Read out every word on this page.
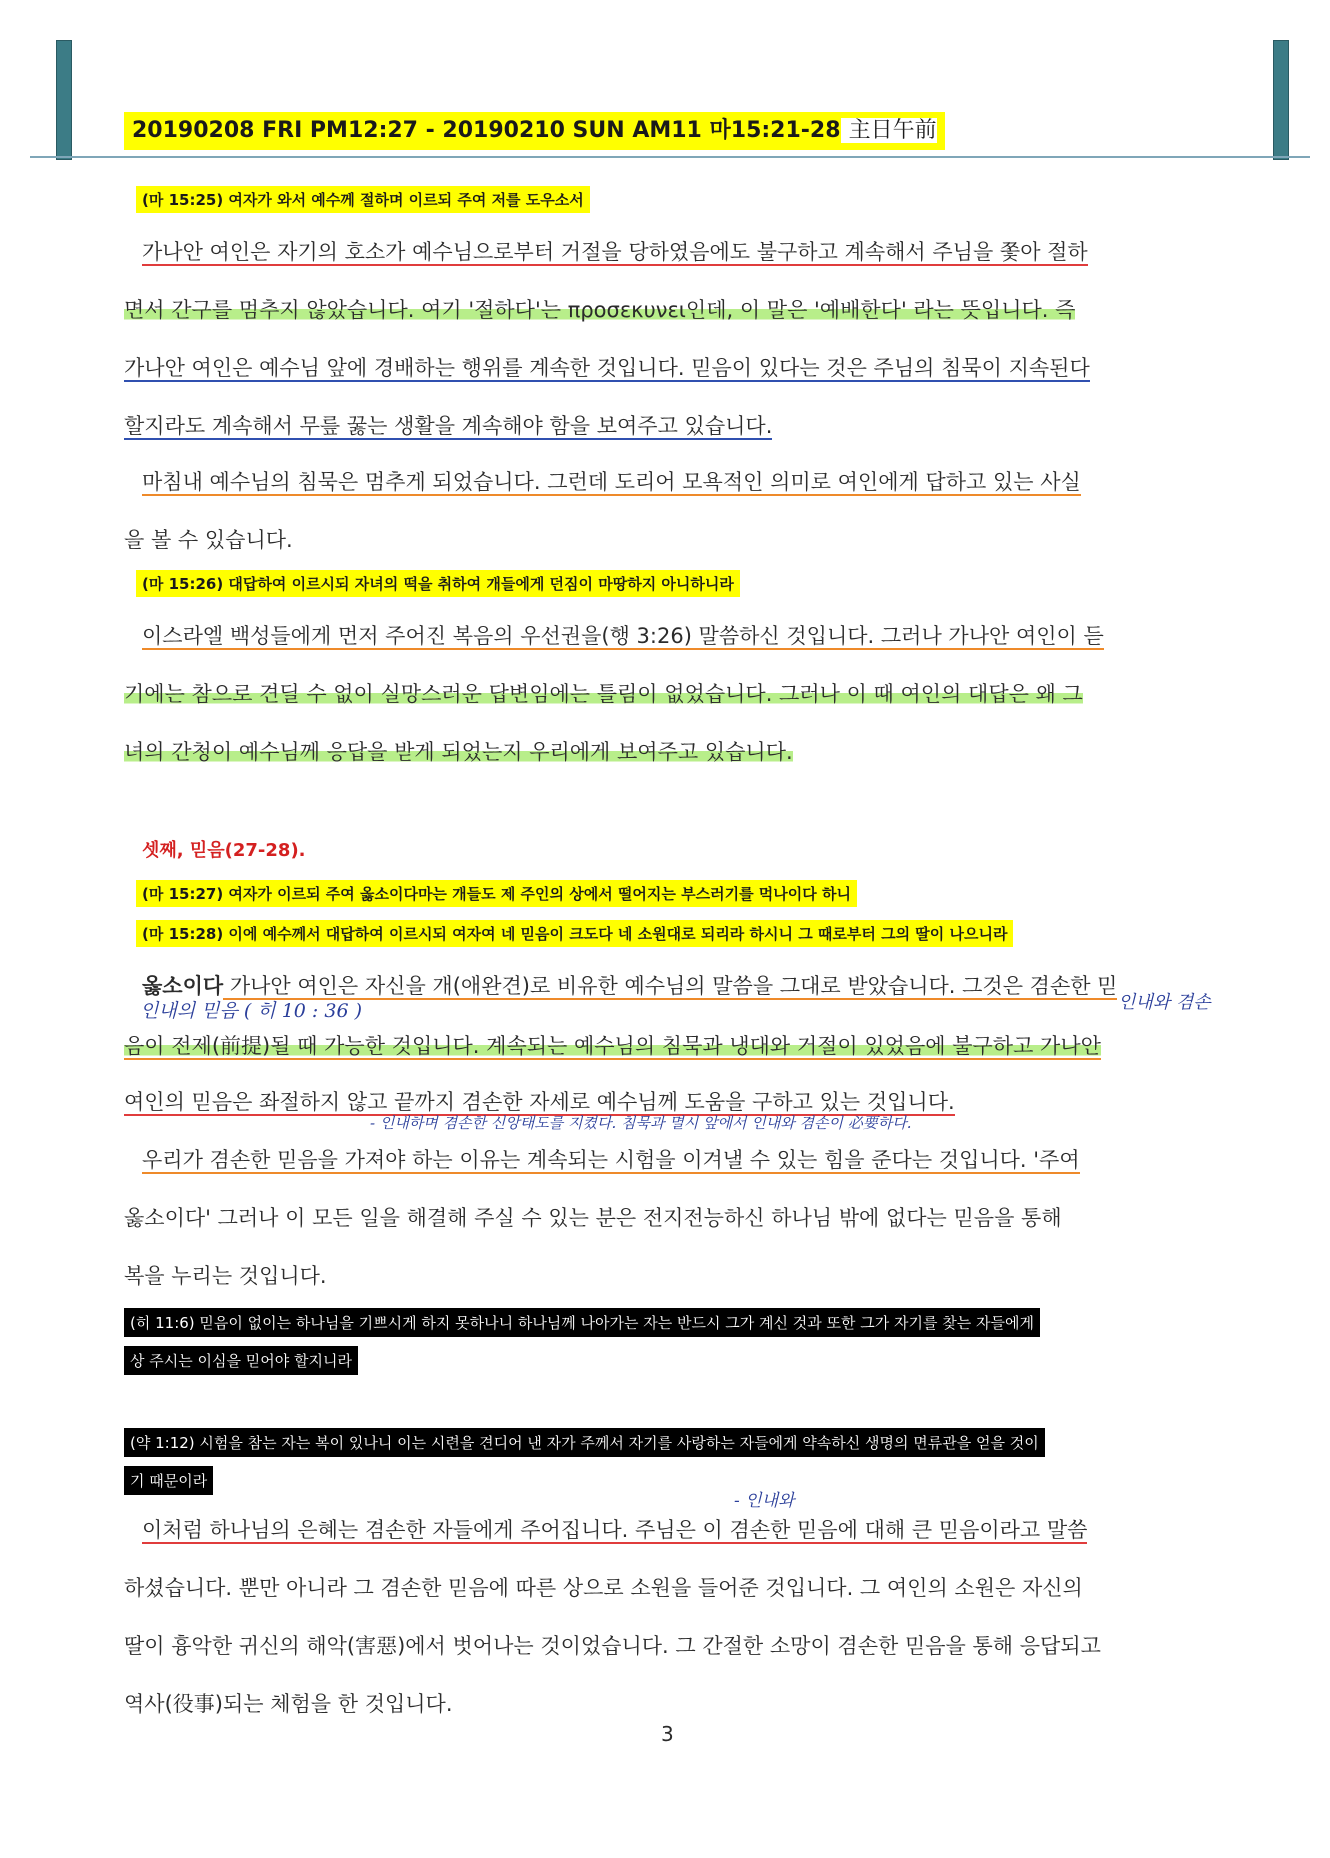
20190208 FRI PM12:27 - 20190210 SUN AM11 마15:21-28 主日午前
(마 15:25) 여자가 와서 예수께 절하며 이르되 주여 저를 도우소서
가나안 여인은 자기의 호소가 예수님으로부터 거절을 당하였음에도 불구하고 계속해서 주님을 쫓아 절하
면서 간구를 멈추지 않았습니다. 여기 '절하다'는 προσεκυνει인데, 이 말은 '예배한다' 라는 뜻입니다. 즉
가나안 여인은 예수님 앞에 경배하는 행위를 계속한 것입니다. 믿음이 있다는 것은 주님의 침묵이 지속된다
할지라도 계속해서 무릎 꿇는 생활을 계속해야 함을 보여주고 있습니다.
마침내 예수님의 침묵은 멈추게 되었습니다. 그런데 도리어 모욕적인 의미로 여인에게 답하고 있는 사실
을 볼 수 있습니다.
(마 15:26) 대답하여 이르시되 자녀의 떡을 취하여 개들에게 던짐이 마땅하지 아니하니라
이스라엘 백성들에게 먼저 주어진 복음의 우선권을(행 3:26) 말씀하신 것입니다. 그러나 가나안 여인이 듣
기에는 참으로 견딜 수 없이 실망스러운 답변임에는 틀림이 없었습니다. 그러나 이 때 여인의 대답은 왜 그
녀의 간청이 예수님께 응답을 받게 되었는지 우리에게 보여주고 있습니다.
셋째, 믿음(27-28).
(마 15:27) 여자가 이르되 주여 옳소이다마는 개들도 제 주인의 상에서 떨어지는 부스러기를 먹나이다 하니
(마 15:28) 이에 예수께서 대답하여 이르시되 여자여 네 믿음이 크도다 네 소원대로 되리라 하시니 그 때로부터 그의 딸이 나으니라
옳소이다 가나안 여인은 자신을 개(애완견)로 비유한 예수님의 말씀을 그대로 받았습니다. 그것은 겸손한 믿
인내의 믿음 ( 히 10 : 36 )	인내와 겸손
음이 전제(前提)될 때 가능한 것입니다. 계속되는 예수님의 침묵과 냉대와 거절이 있었음에 불구하고 가나안
여인의 믿음은 좌절하지 않고 끝까지 겸손한 자세로 예수님께 도움을 구하고 있는 것입니다.
- 인내하며 겸손한 신앙태도를 지켰다. 침묵과 멸시 앞에서 인내와 겸손이 必要하다.
우리가 겸손한 믿음을 가져야 하는 이유는 계속되는 시험을 이겨낼 수 있는 힘을 준다는 것입니다. '주여
옳소이다' 그러나 이 모든 일을 해결해 주실 수 있는 분은 전지전능하신 하나님 밖에 없다는 믿음을 통해
복을 누리는 것입니다.
(히 11:6) 믿음이 없이는 하나님을 기쁘시게 하지 못하나니 하나님께 나아가는 자는 반드시 그가 계신 것과 또한 그가 자기를 찾는 자들에게
상 주시는 이심을 믿어야 할지니라
(약 1:12) 시험을 참는 자는 복이 있나니 이는 시련을 견디어 낸 자가 주께서 자기를 사랑하는 자들에게 약속하신 생명의 면류관을 얻을 것이
기 때문이라
- 인내와
이처럼 하나님의 은혜는 겸손한 자들에게 주어집니다. 주님은 이 겸손한 믿음에 대해 큰 믿음이라고 말씀
하셨습니다. 뿐만 아니라 그 겸손한 믿음에 따른 상으로 소원을 들어준 것입니다. 그 여인의 소원은 자신의
딸이 흉악한 귀신의 해악(害惡)에서 벗어나는 것이었습니다. 그 간절한 소망이 겸손한 믿음을 통해 응답되고
역사(役事)되는 체험을 한 것입니다.
3
